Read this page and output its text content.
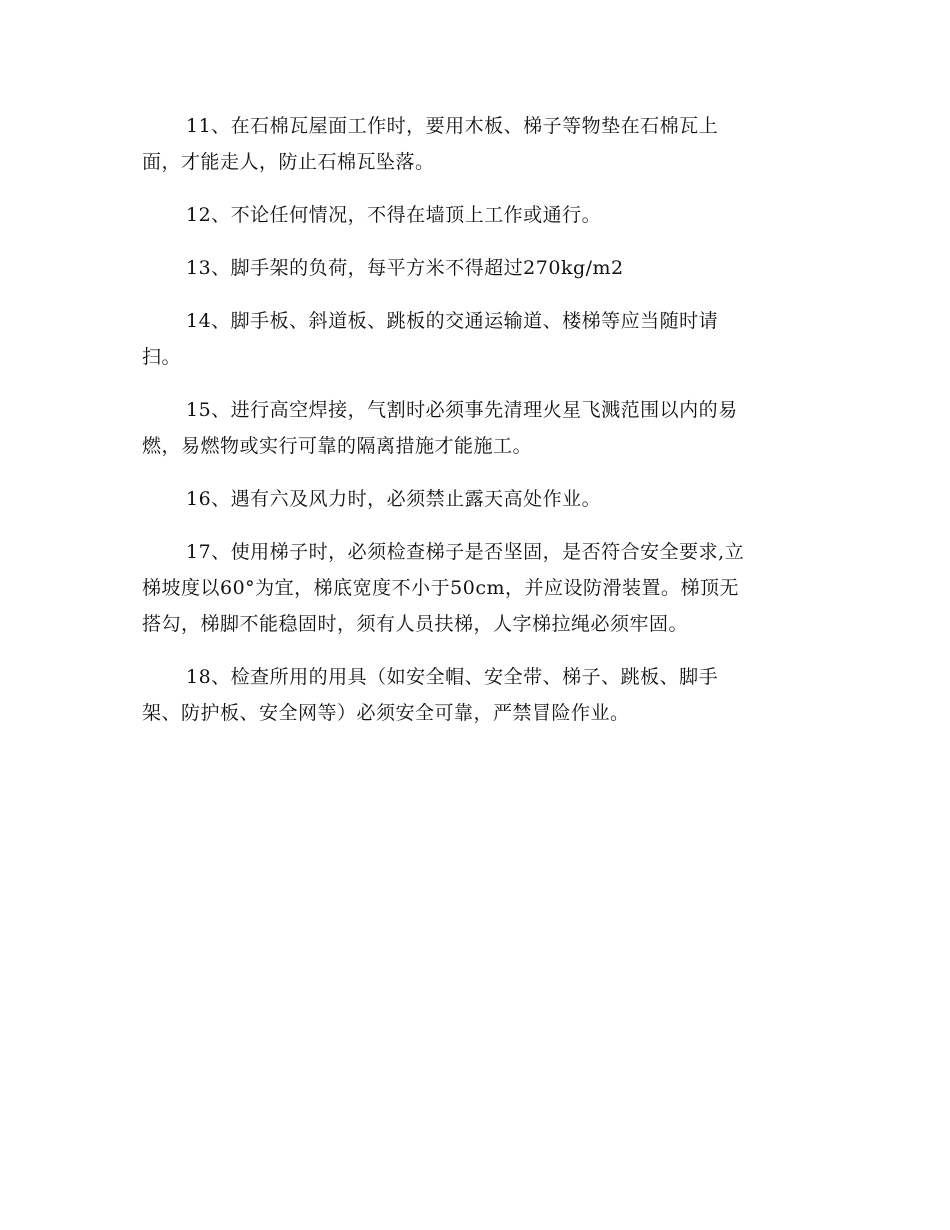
11、在石棉瓦屋面工作时，要用木板、梯子等物垫在石棉瓦上
面，才能走人，防止石棉瓦坠落。

12、不论任何情况，不得在墙顶上工作或通行。

13、脚手架的负荷，每平方米不得超过270kg/m2

14、脚手板、斜道板、跳板的交通运输道、楼梯等应当随时请
扫。

15、进行高空焊接，气割时必须事先清理火星飞溅范围以内的易
燃，易燃物或实行可靠的隔离措施才能施工。

16、遇有六及风力时，必须禁止露天高处作业。

17、使用梯子时，必须检查梯子是否坚固，是否符合安全要求,立
梯坡度以60°为宜，梯底宽度不小于50cm，并应设防滑装置。梯顶无
搭勾，梯脚不能稳固时，须有人员扶梯，人字梯拉绳必须牢固。

18、检查所用的用具（如安全帽、安全带、梯子、跳板、脚手
架、防护板、安全网等）必须安全可靠，严禁冒险作业。
